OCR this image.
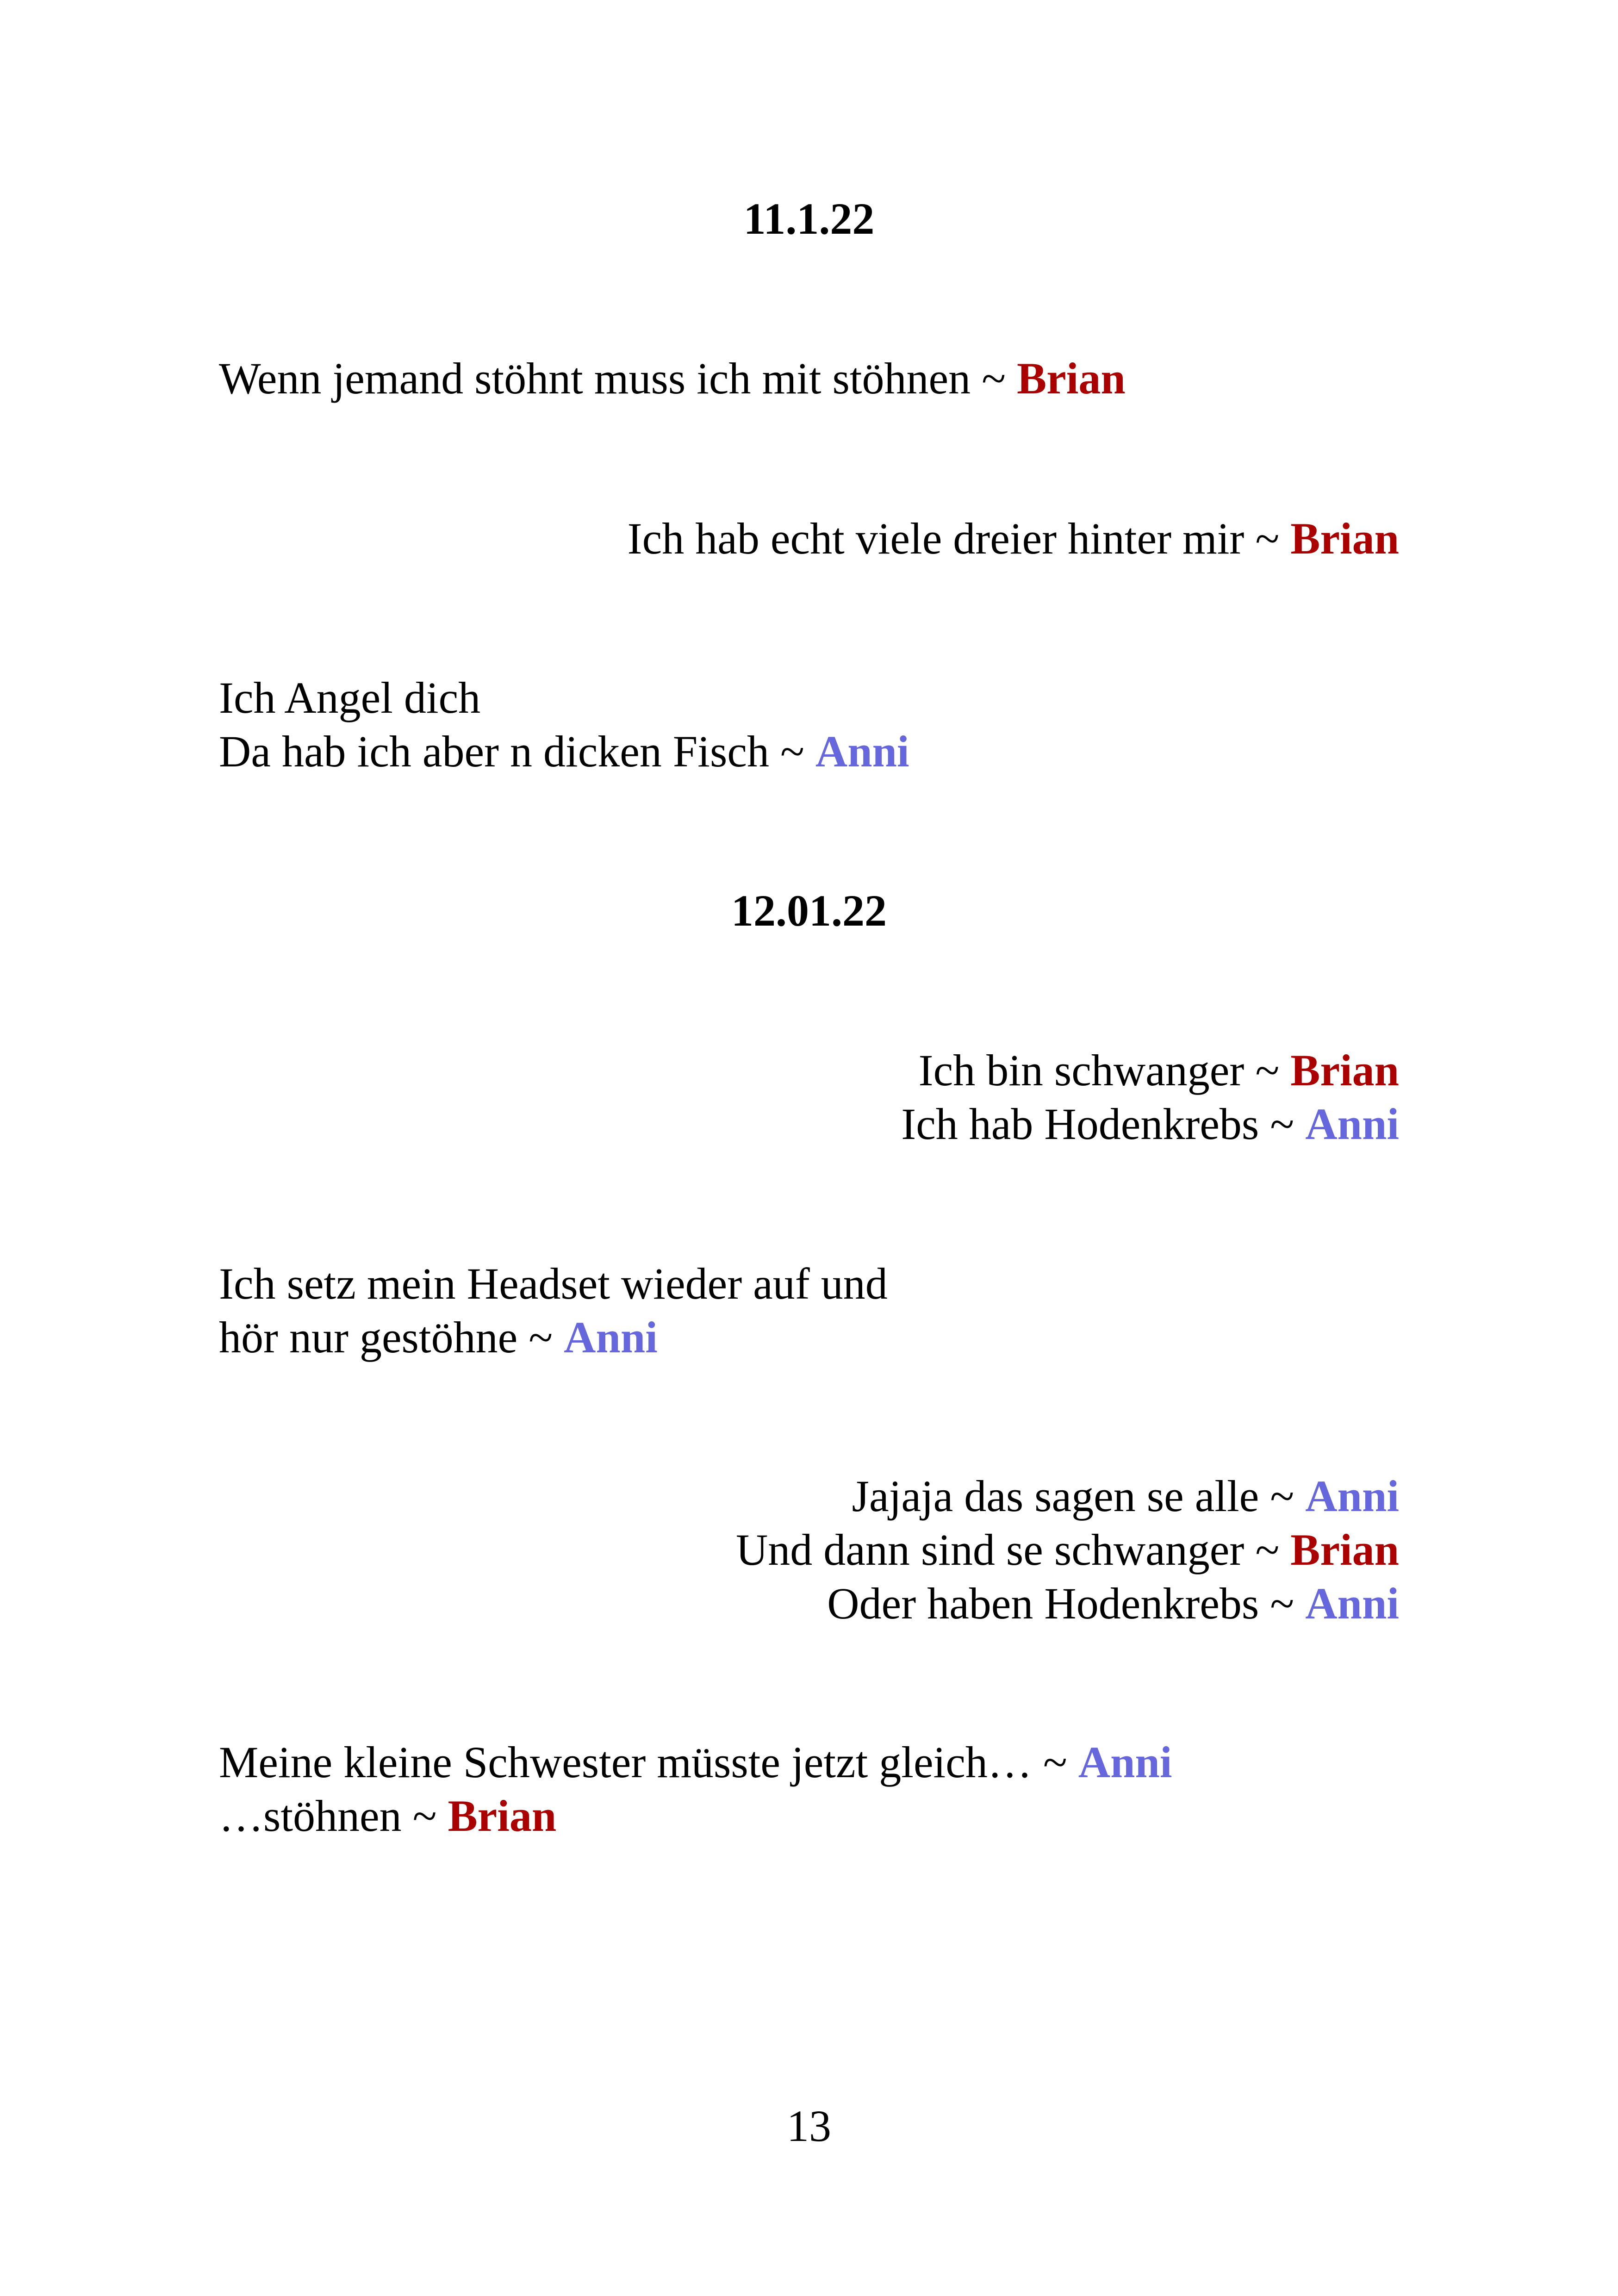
11.1.22
Wenn jemand stöhnt muss ich mit stöhnen ~ Brian
Ich hab echt viele dreier hinter mir ~ Brian
Ich Angel dich
Da hab ich aber n dicken Fisch ~ Anni
12.01.22
Ich bin schwanger ~ Brian
Ich hab Hodenkrebs ~ Anni
Ich setz mein Headset wieder auf und
hör nur gestöhne ~ Anni
Jajaja das sagen se alle ~ Anni
Und dann sind se schwanger ~ Brian
Oder haben Hodenkrebs ~ Anni
Meine kleine Schwester müsste jetzt gleich… ~ Anni
…stöhnen ~ Brian
13
